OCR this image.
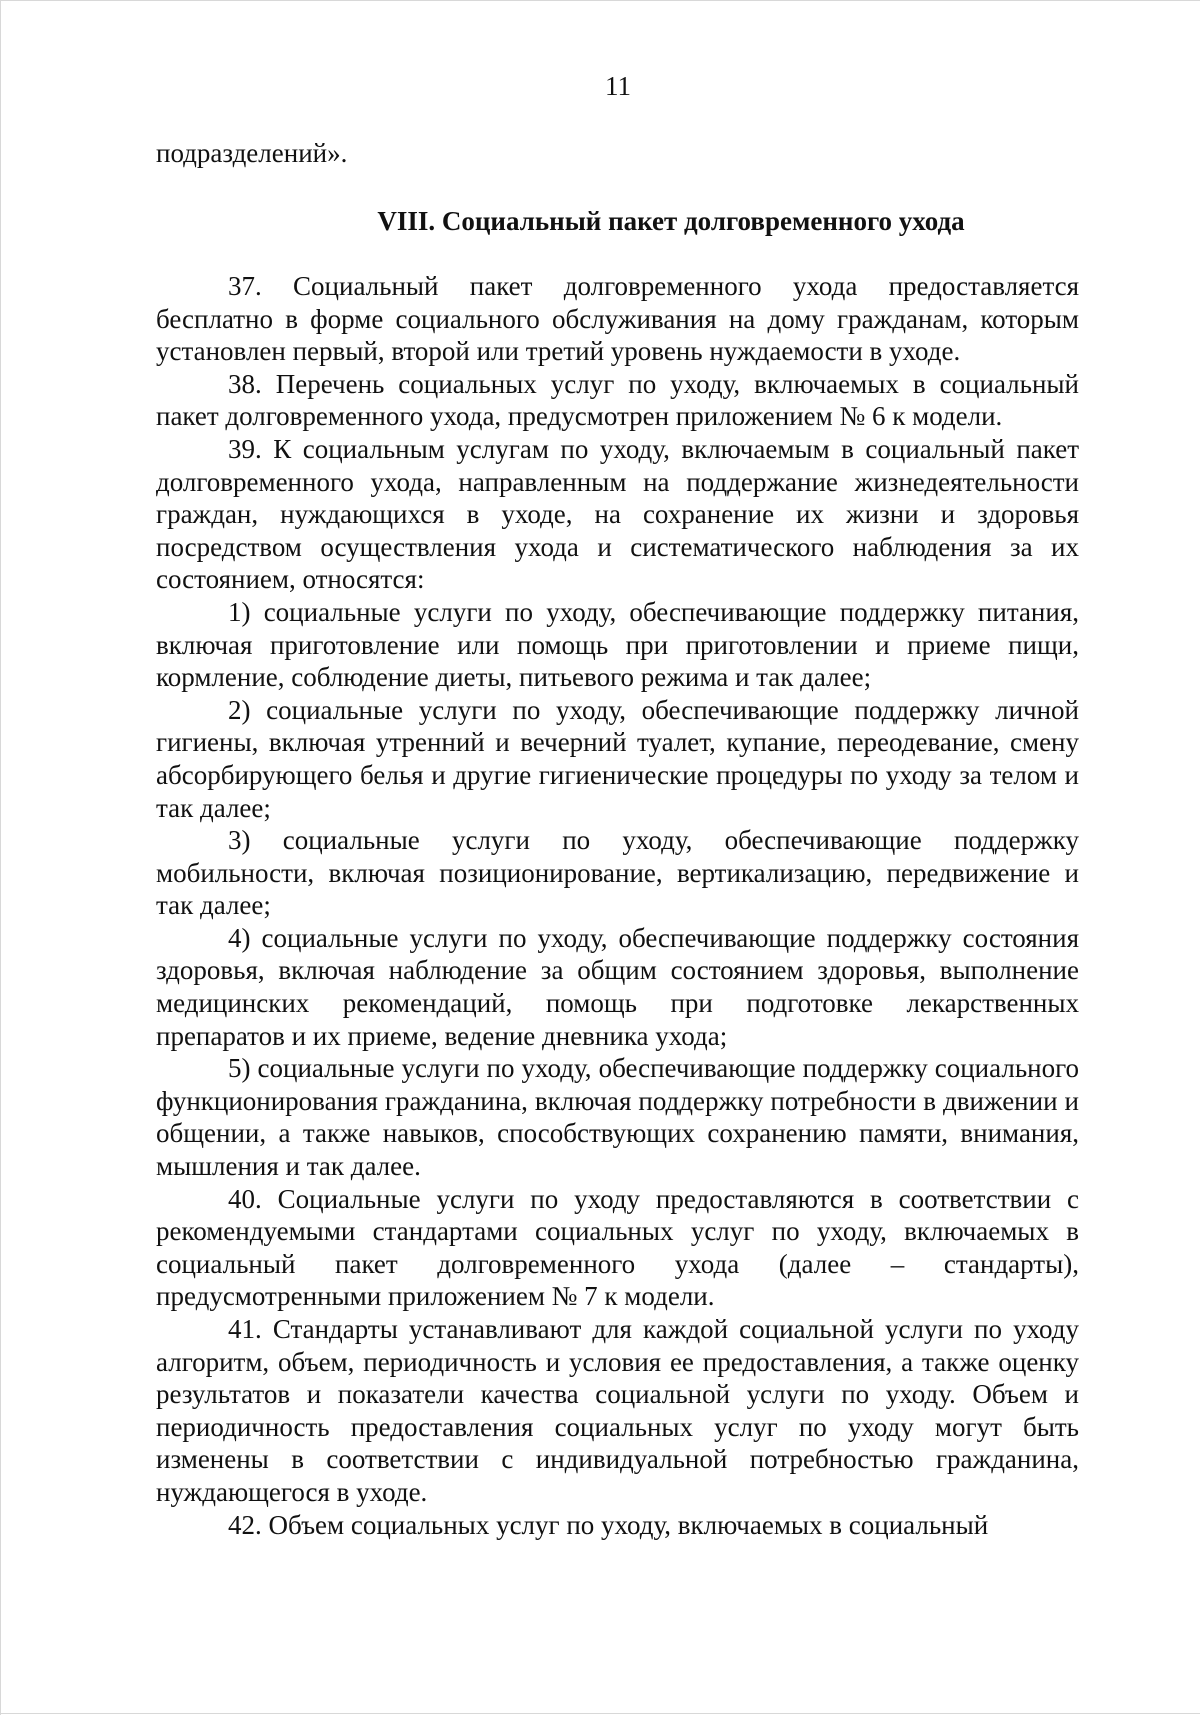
11
подразделений».
VIII. Социальный пакет долговременного ухода

37. Социальный пакет долговременного ухода предоставляется бесплатно в форме социального обслуживания на дому гражданам, которым установлен первый, второй или третий уровень нуждаемости в уходе.

38. Перечень социальных услуг по уходу, включаемых в социальный пакет долговременного ухода, предусмотрен приложением № 6 к модели.

39. К социальным услугам по уходу, включаемым в социальный пакет долговременного ухода, направленным на поддержание жизнедеятельности граждан, нуждающихся в уходе, на сохранение их жизни и здоровья посредством осуществления ухода и систематического наблюдения за их состоянием, относятся:

1) социальные услуги по уходу, обеспечивающие поддержку питания, включая приготовление или помощь при приготовлении и приеме пищи, кормление, соблюдение диеты, питьевого режима и так далее;

2) социальные услуги по уходу, обеспечивающие поддержку личной гигиены, включая утренний и вечерний туалет, купание, переодевание, смену абсорбирующего белья и другие гигиенические процедуры по уходу за телом и так далее;

3) социальные услуги по уходу, обеспечивающие поддержку мобильности, включая позиционирование, вертикализацию, передвижение и так далее;

4) социальные услуги по уходу, обеспечивающие поддержку состояния здоровья, включая наблюдение за общим состоянием здоровья, выполнение медицинских рекомендаций, помощь при подготовке лекарственных препаратов и их приеме, ведение дневника ухода;

5) социальные услуги по уходу, обеспечивающие поддержку социального функционирования гражданина, включая поддержку потребности в движении и общении, а также навыков, способствующих сохранению памяти, внимания, мышления и так далее.

40. Социальные услуги по уходу предоставляются в соответствии с рекомендуемыми стандартами социальных услуг по уходу, включаемых в социальный пакет долговременного ухода (далее – стандарты), предусмотренными приложением № 7 к модели.

41. Стандарты устанавливают для каждой социальной услуги по уходу алгоритм, объем, периодичность и условия ее предоставления, а также оценку результатов и показатели качества социальной услуги по уходу. Объем и периодичность предоставления социальных услуг по уходу могут быть изменены в соответствии с индивидуальной потребностью гражданина, нуждающегося в уходе.

42. Объем социальных услуг по уходу, включаемых в социальный
